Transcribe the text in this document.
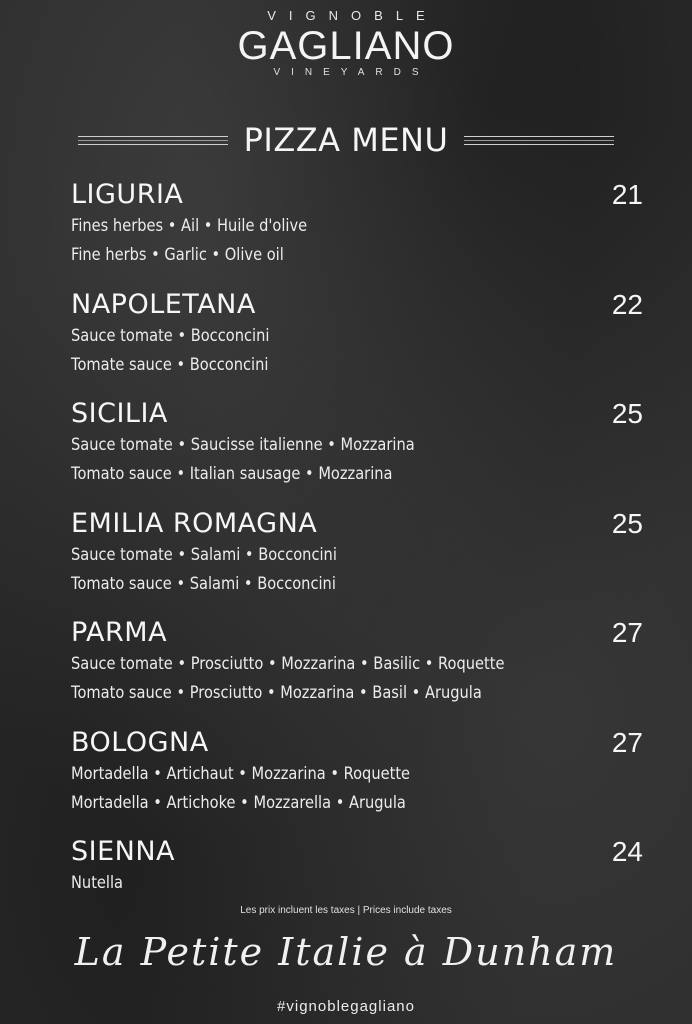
VIGNOBLE
GAGLIANO
VINEYARDS
PIZZA MENU
LIGURIA	21
Fines herbes • Ail • Huile d'olive
Fine herbs • Garlic • Olive oil
NAPOLETANA	22
Sauce tomate • Bocconcini
Tomate sauce • Bocconcini
SICILIA	25
Sauce tomate • Saucisse italienne • Mozzarina
Tomato sauce • Italian sausage • Mozzarina
EMILIA ROMAGNA	25
Sauce tomate • Salami • Bocconcini
Tomato sauce • Salami • Bocconcini
PARMA	27
Sauce tomate • Prosciutto • Mozzarina • Basilic • Roquette
Tomato sauce • Prosciutto • Mozzarina • Basil • Arugula
BOLOGNA	27
Mortadella • Artichaut • Mozzarina • Roquette
Mortadella • Artichoke • Mozzarella • Arugula
SIENNA	24
Nutella
Les prix incluent les taxes | Prices include taxes
La Petite Italie à Dunham
#vignoblegagliano
